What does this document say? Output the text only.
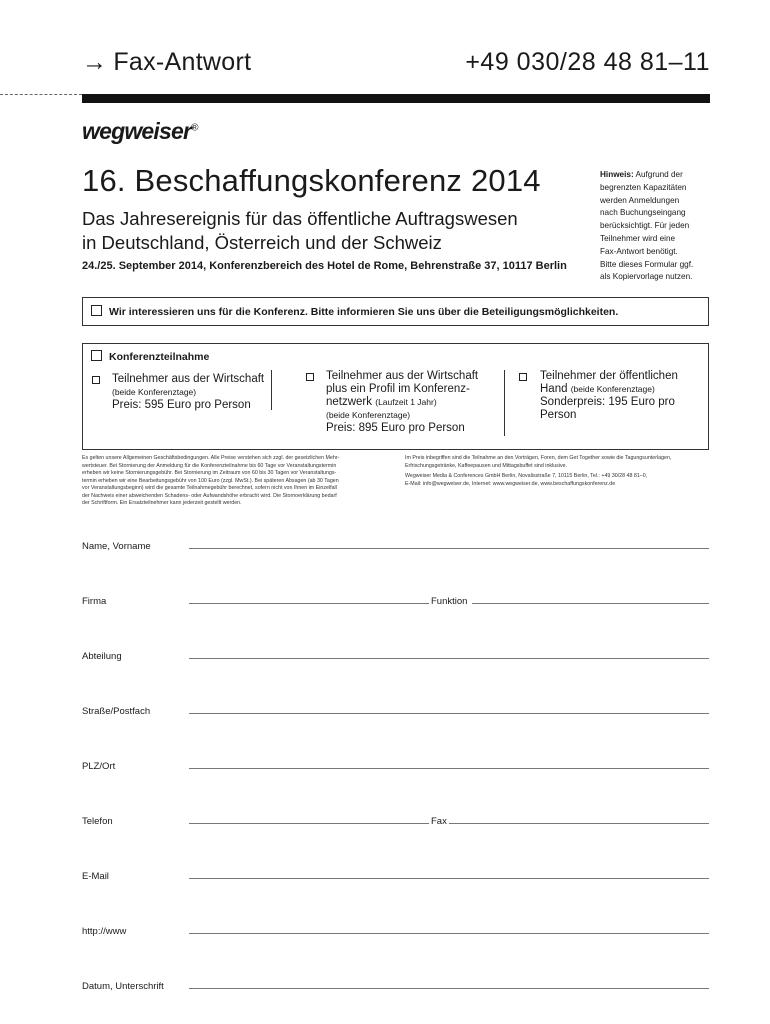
→ Fax-Antwort	+49 030/28 48 81–11
wegweiser®
16. Beschaffungskonferenz 2014
Das Jahresereignis für das öffentliche Auftragswesen
in Deutschland, Österreich und der Schweiz
24./25. September 2014, Konferenzbereich des Hotel de Rome, Behrenstraße 37, 10117 Berlin
Hinweis: Aufgrund der
begrenzten Kapazitäten
werden Anmeldungen
nach Buchungseingang
berücksichtigt. Für jeden
Teilnehmer wird eine
Fax-Antwort benötigt.
Bitte dieses Formular ggf.
als Kopiervorlage nutzen.
Wir interessieren uns für die Konferenz. Bitte informieren Sie uns über die Beteiligungsmöglichkeiten.
Konferenzteilnahme
Teilnehmer aus der Wirtschaft
(beide Konferenztage)
Preis: 595 Euro pro Person
Teilnehmer aus der Wirtschaft
plus ein Profil im Konferenz-
netzwerk (Laufzeit 1 Jahr)
(beide Konferenztage)
Preis: 895 Euro pro Person
Teilnehmer der öffentlichen
Hand (beide Konferenztage)
Sonderpreis: 195 Euro pro
Person
Es gelten unsere Allgemeinen Geschäftsbedingungen. Alle Preise verstehen sich zzgl. der gesetzlichen Mehr-
wertsteuer. Bei Stornierung der Anmeldung für die Konferenzteilnahme bis 60 Tage vor Veranstaltungstermin
erheben wir keine Stornierungsgebühr. Bei Stornierung im Zeitraum von 60 bis 30 Tagen vor Veranstaltungs-
termin erheben wir eine Bearbeitungsgebühr von 100 Euro (zzgl. MwSt.). Bei späteren Absagen (ab 30 Tagen
vor Veranstaltungsbeginn) wird die gesamte Teilnahmegebühr berechnet, sofern nicht von Ihnen im Einzelfall
der Nachweis einer abweichenden Schadens- oder Aufwandshöhe erbracht wird. Die Stornoerklärung bedarf
der Schriftform. Ein Ersatzteilnehmer kann jederzeit gestellt werden.
Im Preis inbegriffen sind die Teilnahme an den Vorträgen, Foren, dem Get Together sowie die Tagungsunterlagen,
Erfrischungsgetränke, Kaffeepausen und Mittagsbuffet sind inklusive.
Wegweiser Media & Conferences GmbH Berlin, Novalisstraße 7, 10115 Berlin, Tel.: +49 30/28 48 81–0,
E-Mail: info@wegweiser.de, Internet: www.wegweiser.de, www.beschaffungskonferenz.de
Name, Vorname
Firma	Funktion
Abteilung
Straße/Postfach
PLZ/Ort
Telefon	Fax
E-Mail
http://www
Datum, Unterschrift
